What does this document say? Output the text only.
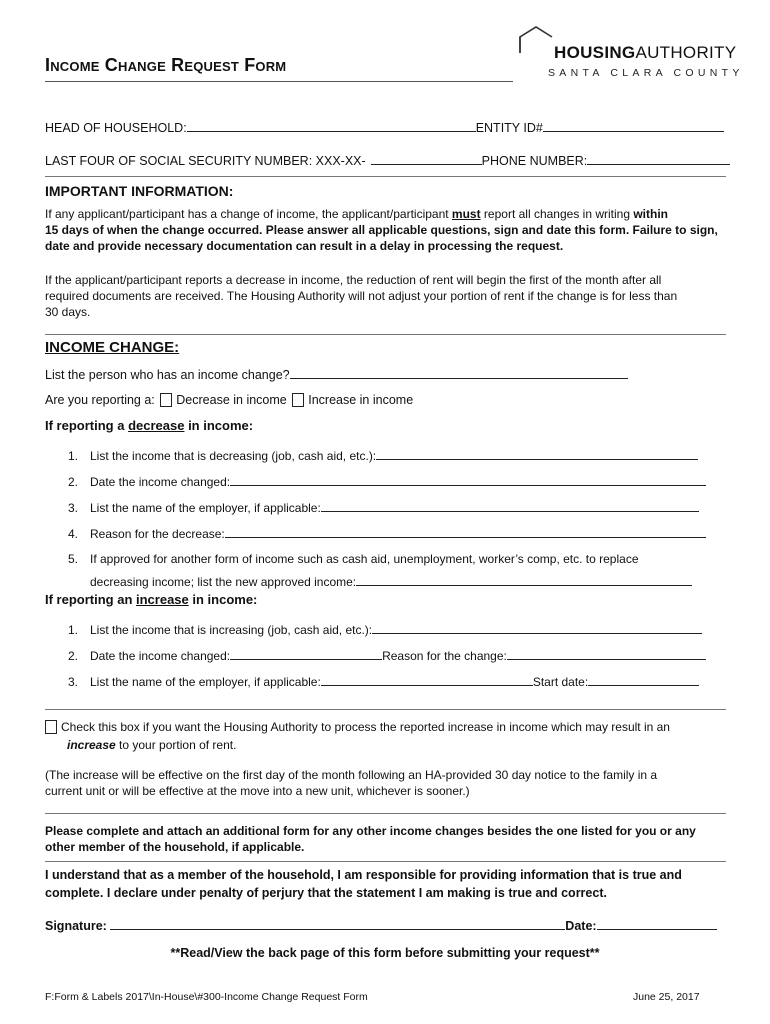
Income Change Request Form
HOUSINGAUTHORITY
SANTA CLARA COUNTY
HEAD OF HOUSEHOLD:	ENTITY ID#
LAST FOUR OF SOCIAL SECURITY NUMBER: XXX-XX-	PHONE NUMBER:
IMPORTANT INFORMATION:
If any applicant/participant has a change of income, the applicant/participant must report all changes in writing within
15 days of when the change occurred. Please answer all applicable questions, sign and date this form. Failure to sign,
date and provide necessary documentation can result in a delay in processing the request.
If the applicant/participant reports a decrease in income, the reduction of rent will begin the first of the month after all
required documents are received. The Housing Authority will not adjust your portion of rent if the change is for less than
30 days.
INCOME CHANGE:
List the person who has an income change?
Are you reporting a: Decrease in income Increase in income
If reporting a decrease in income:
1. List the income that is decreasing (job, cash aid, etc.):
2. Date the income changed:
3. List the name of the employer, if applicable:
4. Reason for the decrease:
5. If approved for another form of income such as cash aid, unemployment, worker’s comp, etc. to replace
decreasing income; list the new approved income:
If reporting an increase in income:
1. List the income that is increasing (job, cash aid, etc.):
2. Date the income changed:	Reason for the change:
3. List the name of the employer, if applicable:	Start date:
Check this box if you want the Housing Authority to process the reported increase in income which may result in an
increase to your portion of rent.
(The increase will be effective on the first day of the month following an HA-provided 30 day notice to the family in a
current unit or will be effective at the move into a new unit, whichever is sooner.)
Please complete and attach an additional form for any other income changes besides the one listed for you or any
other member of the household, if applicable.
I understand that as a member of the household, I am responsible for providing information that is true and
complete. I declare under penalty of perjury that the statement I am making is true and correct.
Signature:	Date:
**Read/View the back page of this form before submitting your request**
F:Form & Labels 2017\In-House\#300-Income Change Request Form	June 25, 2017
